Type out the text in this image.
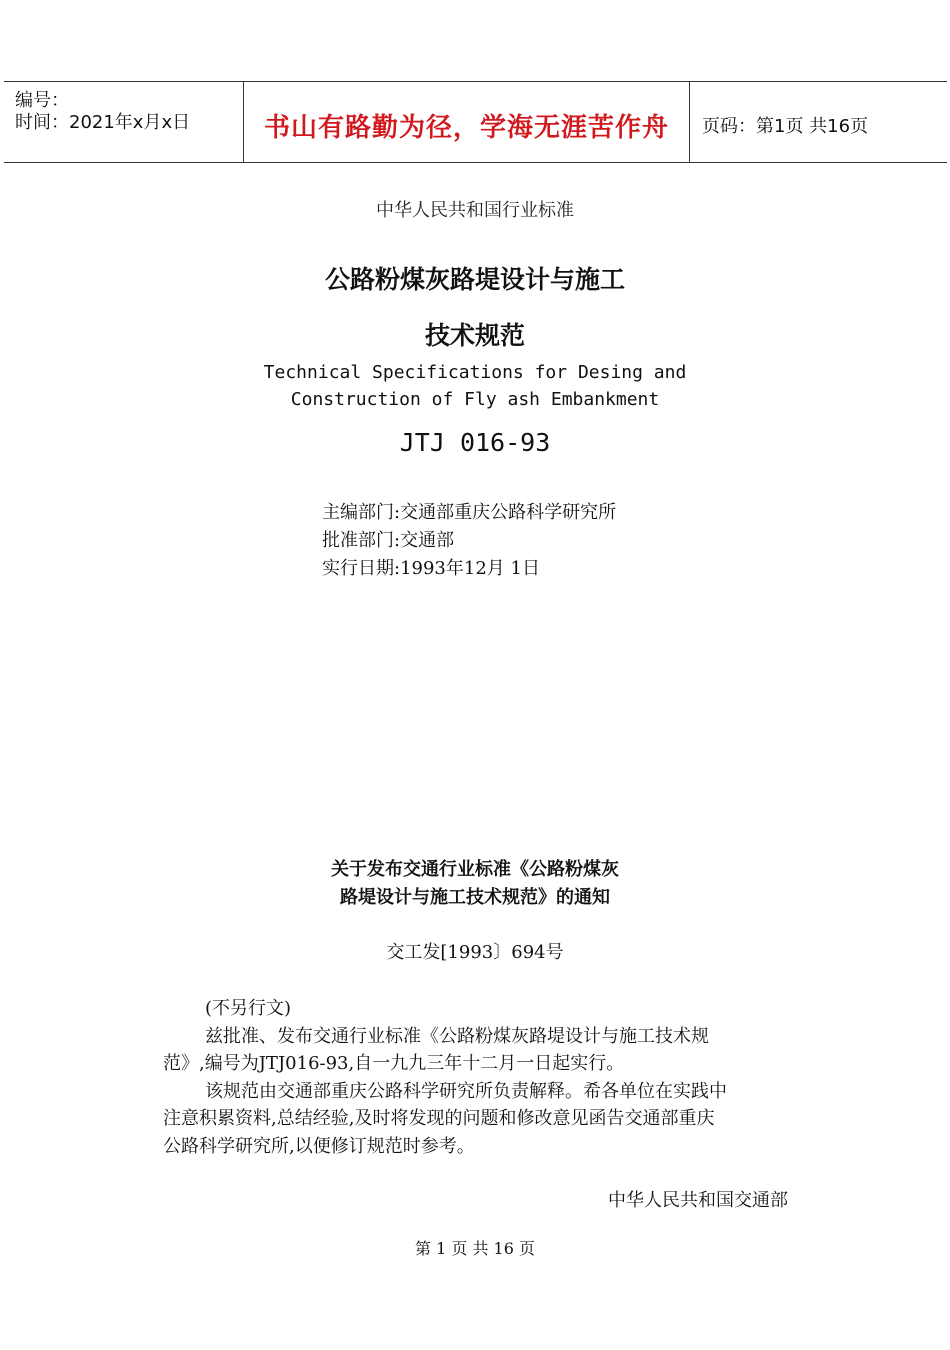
编号：
时间：2021年x月x日	书山有路勤为径，学海无涯苦作舟	页码：第1页 共16页
中华人民共和国行业标准
公路粉煤灰路堤设计与施工
技术规范
Technical Specifications for Desing and
Construction of Fly ash Embankment
JTJ 016-93
主编部门:交通部重庆公路科学研究所
批准部门:交通部
实行日期:1993年12月 1日
关于发布交通行业标准《公路粉煤灰
路堤设计与施工技术规范》的通知
交工发[1993〕694号
(不另行文)
兹批准、发布交通行业标准《公路粉煤灰路堤设计与施工技术规
范》,编号为JTJ016-93,自一九九三年十二月一日起实行。
该规范由交通部重庆公路科学研究所负责解释。希各单位在实践中
注意积累资料,总结经验,及时将发现的问题和修改意见函告交通部重庆
公路科学研究所,以便修订规范时参考。
中华人民共和国交通部
第 1 页 共 16 页
